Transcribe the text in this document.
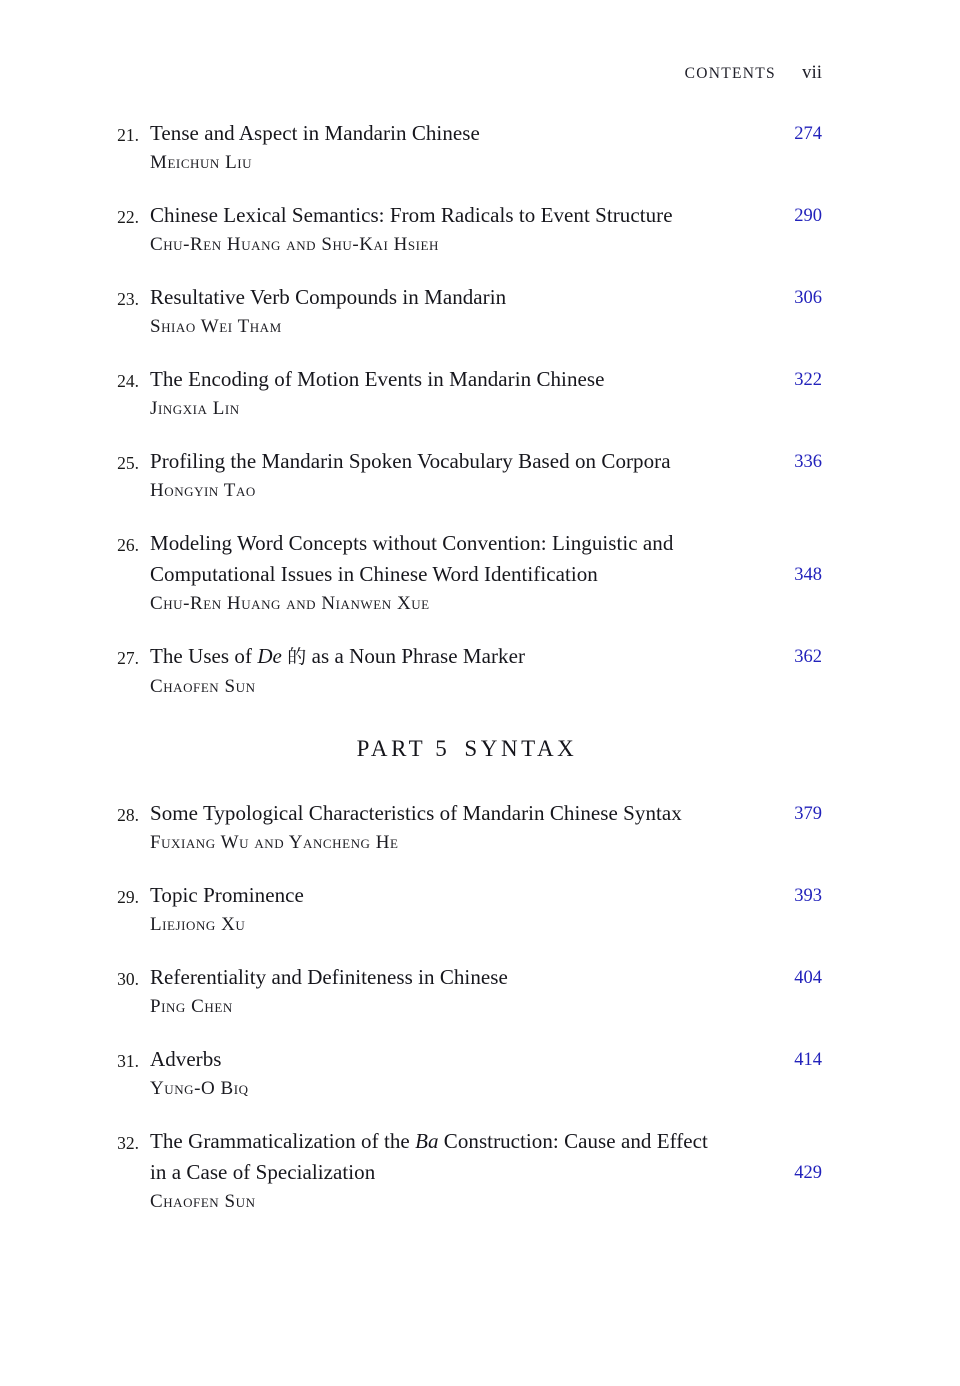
CONTENTS vii
21. Tense and Aspect in Mandarin Chinese
Meichun Liu
274
22. Chinese Lexical Semantics: From Radicals to Event Structure
Chu-Ren Huang and Shu-Kai Hsieh
290
23. Resultative Verb Compounds in Mandarin
Shiao Wei Tham
306
24. The Encoding of Motion Events in Mandarin Chinese
Jingxia Lin
322
25. Profiling the Mandarin Spoken Vocabulary Based on Corpora
Hongyin Tao
336
26. Modeling Word Concepts without Convention: Linguistic and
Computational Issues in Chinese Word Identification
Chu-Ren Huang and Nianwen Xue
348
27. The Uses of De 的 as a Noun Phrase Marker
Chaofen Sun
362
PART 5 SYNTAX
28. Some Typological Characteristics of Mandarin Chinese Syntax
Fuxiang Wu and Yancheng He
379
29. Topic Prominence
Liejiong Xu
393
30. Referentiality and Definiteness in Chinese
Ping Chen
404
31. Adverbs
Yung-O Biq
414
32. The Grammaticalization of the Ba Construction: Cause and Effect
in a Case of Specialization
Chaofen Sun
429
